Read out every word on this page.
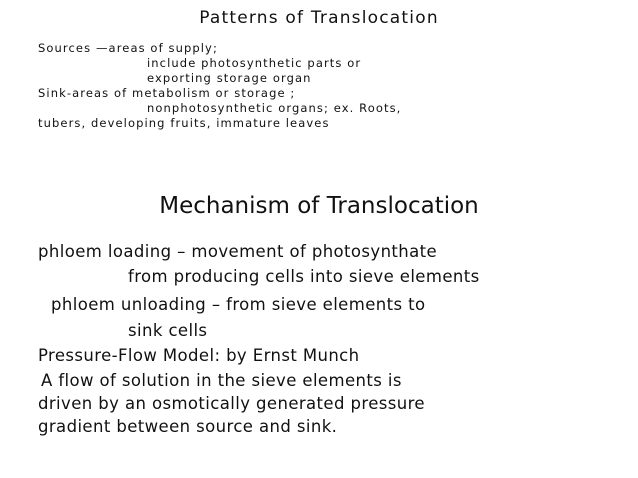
Patterns of Translocation
Sources —areas of supply;
include photosynthetic parts or
exporting storage organ
Sink-areas of metabolism or storage ;
nonphotosynthetic organs; ex. Roots,
tubers, developing fruits, immature leaves
Mechanism of Translocation
phloem loading – movement of photosynthate
from producing cells into sieve elements
phloem unloading – from sieve elements to
sink cells
Pressure-Flow Model: by Ernst Munch
A flow of solution in the sieve elements is
driven by an osmotically generated pressure
gradient between source and sink.
